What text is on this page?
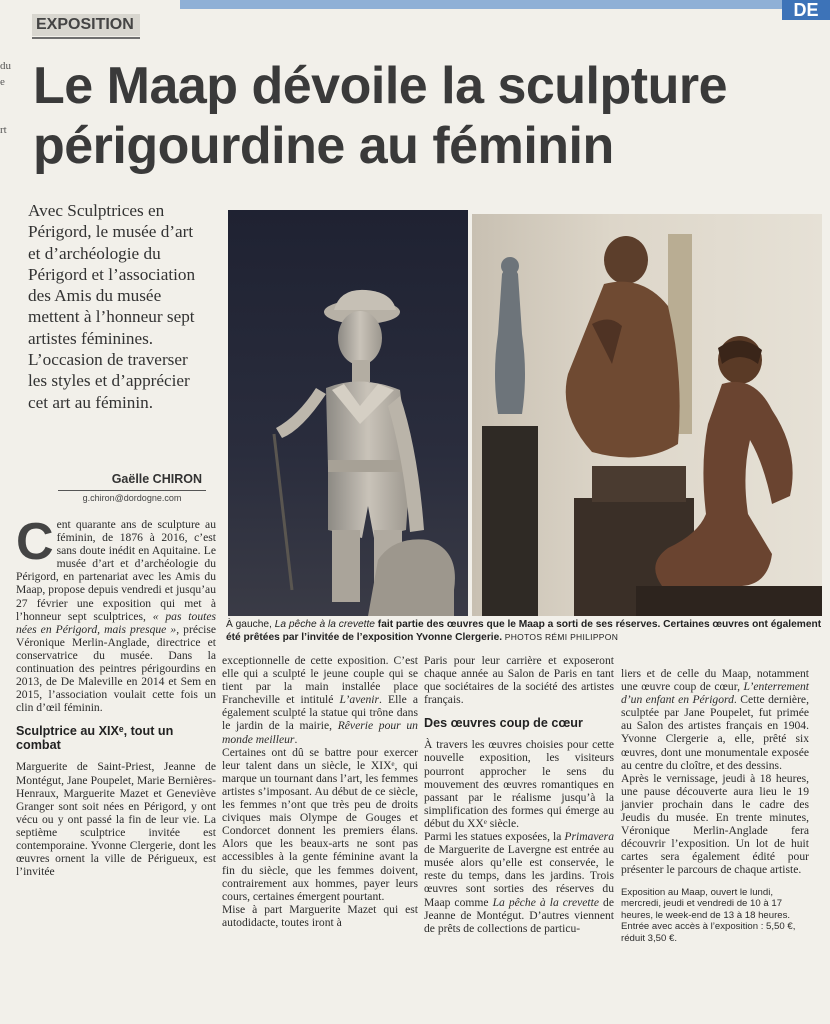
DE
du
e
rt
EXPOSITION
Le Maap dévoile la sculpture
périgourdine au féminin
Avec Sculptrices en Périgord, le musée d’art et d’archéologie du Périgord et l’association des Amis du musée mettent à l’honneur sept artistes féminines. L’occasion de traverser les styles et d’apprécier cet art au féminin.
Gaëlle CHIRON
g.chiron@dordogne.com
À gauche, La pêche à la crevette fait partie des œuvres que le Maap a sorti de ses réserves. Certaines œuvres ont également été prêtées par l’invitée de l’exposition Yvonne Clergerie. PHOTOS RÉMI PHILIPPON

Cent quarante ans de sculpture au féminin, de 1876 à 2016, c’est sans doute inédit en Aquitaine. Le musée d’art et d’archéologie du Périgord, en partenariat avec les Amis du Maap, propose depuis vendredi et jusqu’au 27 février une exposition qui met à l’honneur sept sculptrices, « pas toutes nées en Périgord, mais presque », précise Véronique Merlin-Anglade, directrice et conservatrice du musée. Dans la continuation des peintres périgourdins en 2013, de De Maleville en 2014 et Sem en 2015, l’association voulait cette fois un clin d’œil féminin.

Sculptrice au XIXᵉ, tout un combat

Marguerite de Saint-Priest, Jeanne de Montégut, Jane Poupelet, Marie Bernières-Henraux, Marguerite Mazet et Geneviève Granger sont soit nées en Périgord, y ont vécu ou y ont passé la fin de leur vie. La septième sculptrice invitée est contemporaine. Yvonne Clergerie, dont les œuvres ornent la ville de Périgueux, est l’invitée

exceptionnelle de cette exposition. C’est elle qui a sculpté le jeune couple qui se tient par la main installée place Francheville et intitulé L’avenir. Elle a également sculpté la statue qui trône dans le jardin de la mairie, Rêverie pour un monde meilleur.

Certaines ont dû se battre pour exercer leur talent dans un siècle, le XIXᵉ, qui marque un tournant dans l’art, les femmes artistes s’imposant. Au début de ce siècle, les femmes n’ont que très peu de droits civiques mais Olympe de Gouges et Condorcet donnent les premiers élans. Alors que les beaux-arts ne sont pas accessibles à la gente féminine avant la fin du siècle, que les femmes doivent, contrairement aux hommes, payer leurs cours, certaines émergent pourtant.

Mise à part Marguerite Mazet qui est autodidacte, toutes iront à

Paris pour leur carrière et exposeront chaque année au Salon de Paris en tant que sociétaires de la société des artistes français.

Des œuvres coup de cœur

À travers les œuvres choisies pour cette nouvelle exposition, les visiteurs pourront approcher le sens du mouvement des œuvres romantiques en passant par le réalisme jusqu’à la simplification des formes qui émerge au début du XXᵉ siècle.

Parmi les statues exposées, la Primavera de Marguerite de Lavergne est entrée au musée alors qu’elle est conservée, le reste du temps, dans les jardins. Trois œuvres sont sorties des réserves du Maap comme La pêche à la crevette de Jeanne de Montégut. D’autres viennent de prêts de collections de particu-

liers et de celle du Maap, notamment une œuvre coup de cœur, L’enterrement d’un enfant en Périgord. Cette dernière, sculptée par Jane Poupelet, fut primée au Salon des artistes français en 1904. Yvonne Clergerie a, elle, prêté six œuvres, dont une monumentale exposée au centre du cloître, et des dessins.

Après le vernissage, jeudi à 18 heures, une pause découverte aura lieu le 19 janvier prochain dans le cadre des Jeudis du musée. En trente minutes, Véronique Merlin-Anglade fera découvrir l’exposition. Un lot de huit cartes sera également édité pour présenter le parcours de chaque artiste.

Exposition au Maap, ouvert le lundi, mercredi, jeudi et vendredi de 10 à 17 heures, le week-end de 13 à 18 heures. Entrée avec accès à l’exposition : 5,50 €, réduit 3,50 €.
